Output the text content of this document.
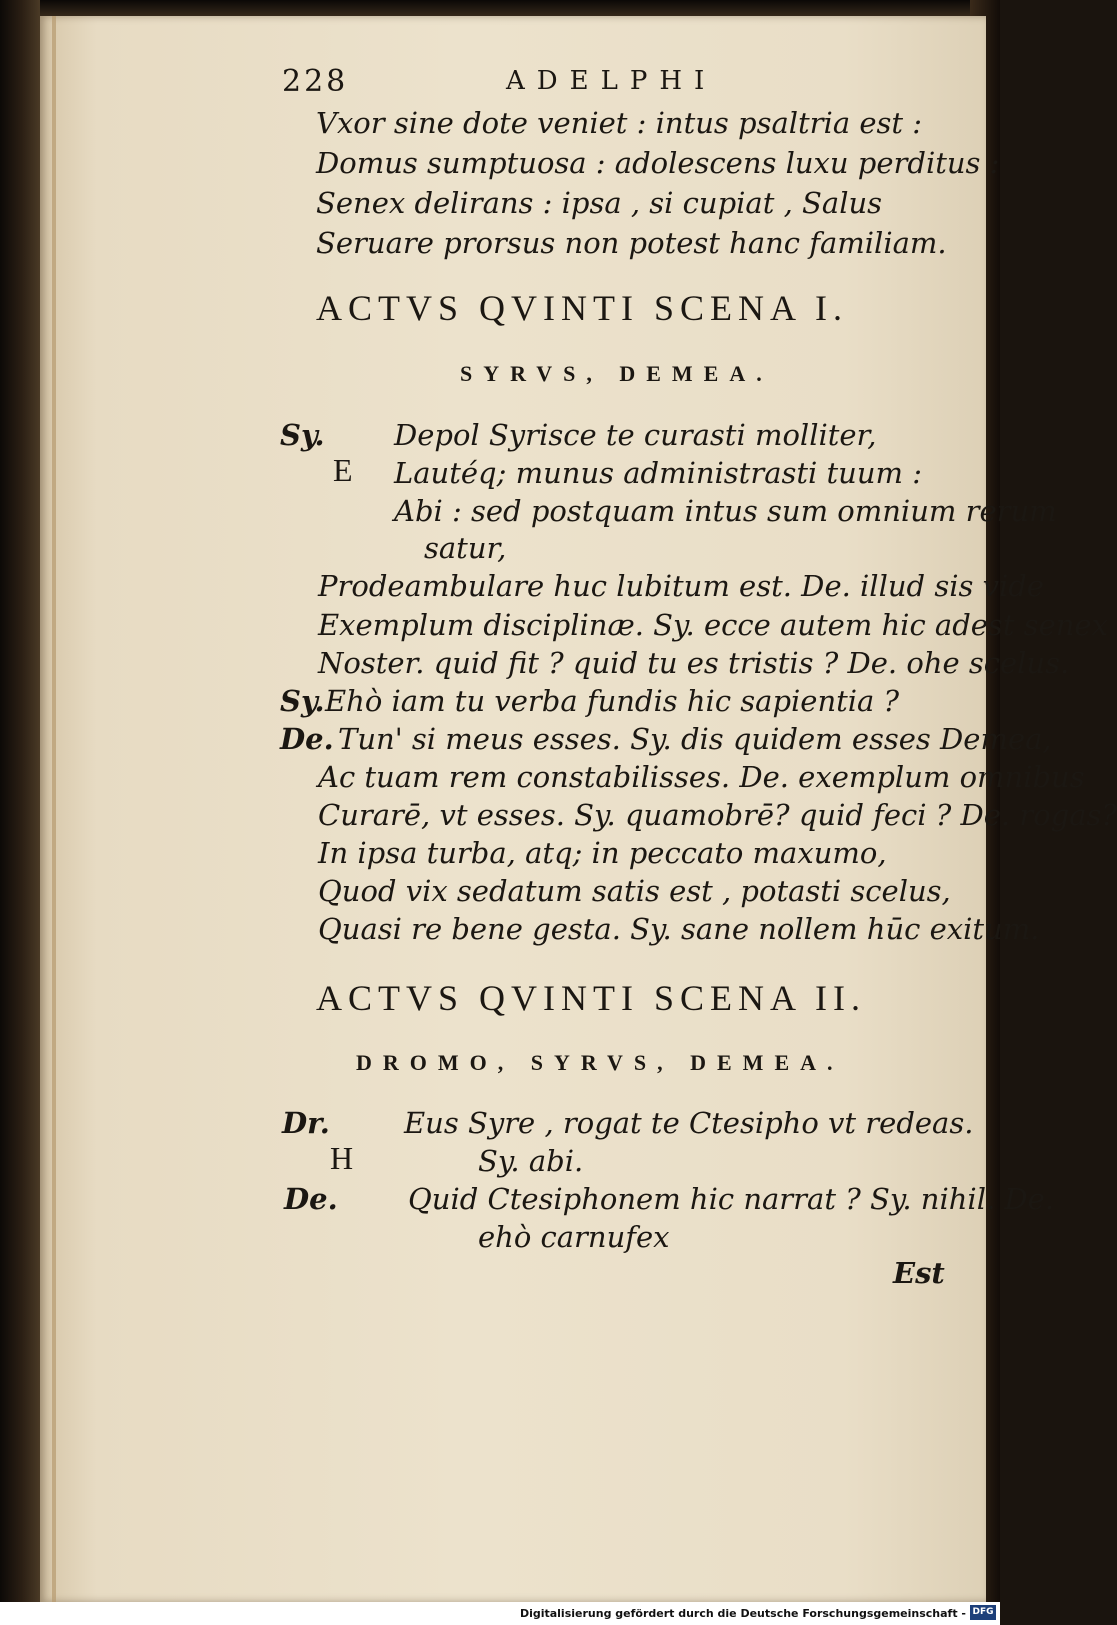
228	ADELPHI
Vxor sine dote veniet : intus psaltria est :
Domus sumptuosa : adolescens luxu perditus :
Senex delirans : ipsa , si cupiat , Salus
Seruare prorsus non potest hanc familiam.
ACTVS QVINTI SCENA I.
SYRVS, DEMEA.
Sy. Depol Syrisce te curasti molliter,
E Lautéq; munus administrasti tuum :
Abi : sed postquam intus sum omnium rerum
satur,
Prodeambulare huc lubitum est. De. illud sis vide
Exemplum disciplinæ. Sy. ecce autem hic adest senex
Noster. quid fit ? quid tu es tristis ? De. ohe scelus.
Sy. Ehò iam tu verba fundis hic sapientia ?
De. Tun' si meus esses. Sy. dis quidem esses Demea,
Ac tuam rem constabilisses. De. exemplum omnibus
Curarē, vt esses. Sy. quamobrē? quid feci ? De. rogas?
In ipsa turba, atq; in peccato maxumo,
Quod vix sedatum satis est , potasti scelus,
Quasi re bene gesta. Sy. sane nollem hūc exitum.
ACTVS QVINTI SCENA II.
DROMO, SYRVS, DEMEA.
Dr.	Eus Syre , rogat te Ctesipho vt redeas.
H	Sy. abi.
De. Quid Ctesiphonem hic narrat ? Sy. nihil. De.
ehò carnufex
Est
Digitalisierung gefördert durch die Deutsche Forschungsgemeinschaft - DFG
